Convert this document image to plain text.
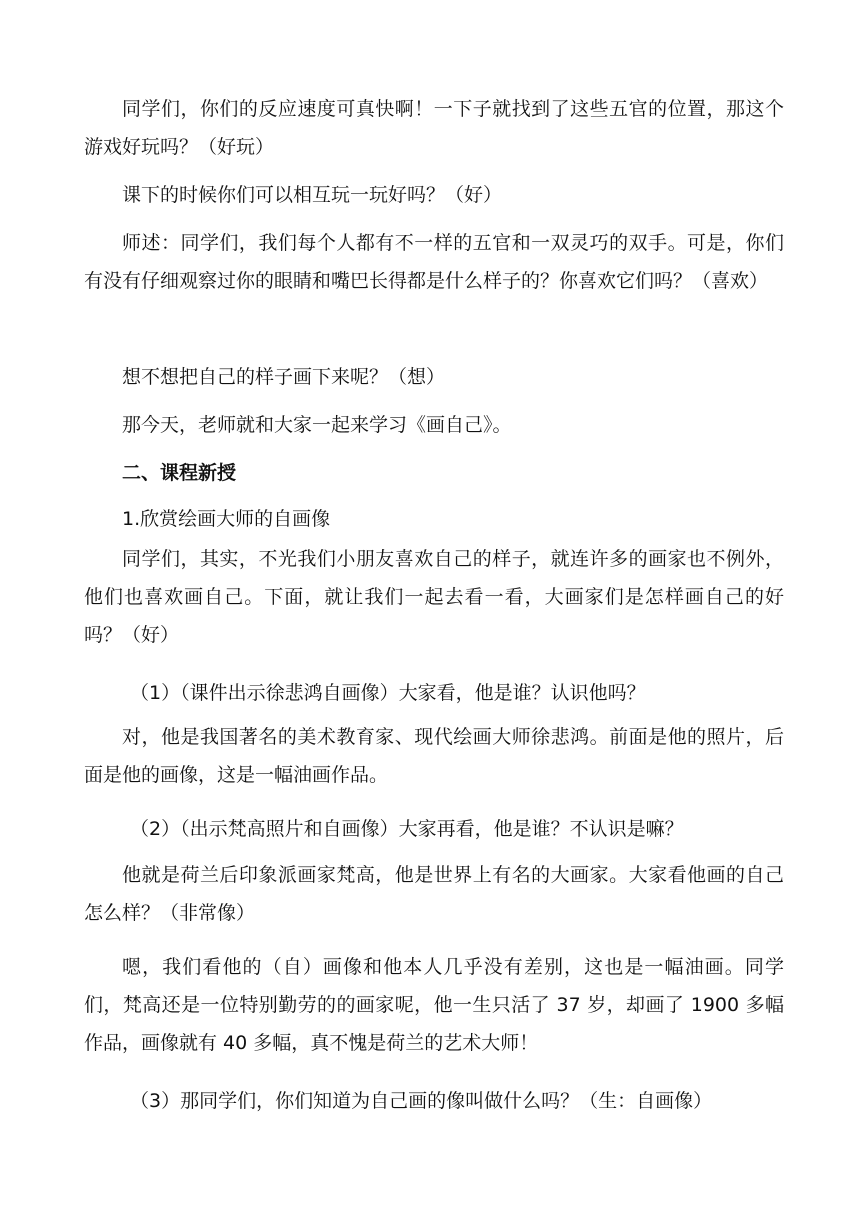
同学们，你们的反应速度可真快啊！一下子就找到了这些五官的位置，那这个游戏好玩吗？（好玩）

课下的时候你们可以相互玩一玩好吗？（好）

师述：同学们，我们每个人都有不一样的五官和一双灵巧的双手。可是，你们有没有仔细观察过你的眼睛和嘴巴长得都是什么样子的？你喜欢它们吗？（喜欢）

想不想把自己的样子画下来呢？（想）

那今天，老师就和大家一起来学习《画自己》。

二、课程新授

1.欣赏绘画大师的自画像

同学们，其实，不光我们小朋友喜欢自己的样子，就连许多的画家也不例外，他们也喜欢画自己。下面，就让我们一起去看一看，大画家们是怎样画自己的好吗？（好）

（1）（课件出示徐悲鸿自画像）大家看，他是谁？认识他吗？

对，他是我国著名的美术教育家、现代绘画大师徐悲鸿。前面是他的照片，后面是他的画像，这是一幅油画作品。

（2）（出示梵高照片和自画像）大家再看，他是谁？不认识是嘛？

他就是荷兰后印象派画家梵高，他是世界上有名的大画家。大家看他画的自己怎么样？（非常像）

嗯，我们看他的（自）画像和他本人几乎没有差别，这也是一幅油画。同学们，梵高还是一位特别勤劳的的画家呢，他一生只活了 37 岁，却画了 1900 多幅作品，画像就有 40 多幅，真不愧是荷兰的艺术大师！

（3）那同学们，你们知道为自己画的像叫做什么吗？（生：自画像）
